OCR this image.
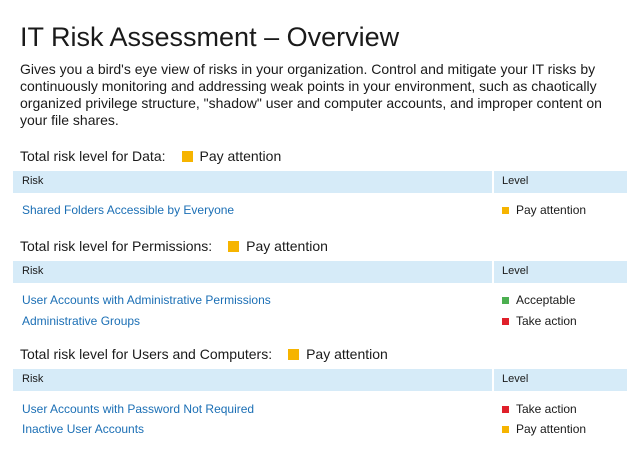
IT Risk Assessment – Overview

Gives you a bird's eye view of risks in your organization. Control and mitigate your IT risks by continuously monitoring and addressing weak points in your environment, such as chaotically organized privilege structure, "shadow" user and computer accounts, and improper content on your file shares.

Total risk level for Data: Pay attention
Risk	Level
Shared Folders Accessible by Everyone	Pay attention
Total risk level for Permissions: Pay attention
Risk	Level
User Accounts with Administrative Permissions	Acceptable
Administrative Groups	Take action
Total risk level for Users and Computers: Pay attention
Risk	Level
User Accounts with Password Not Required	Take action
Inactive User Accounts	Pay attention
